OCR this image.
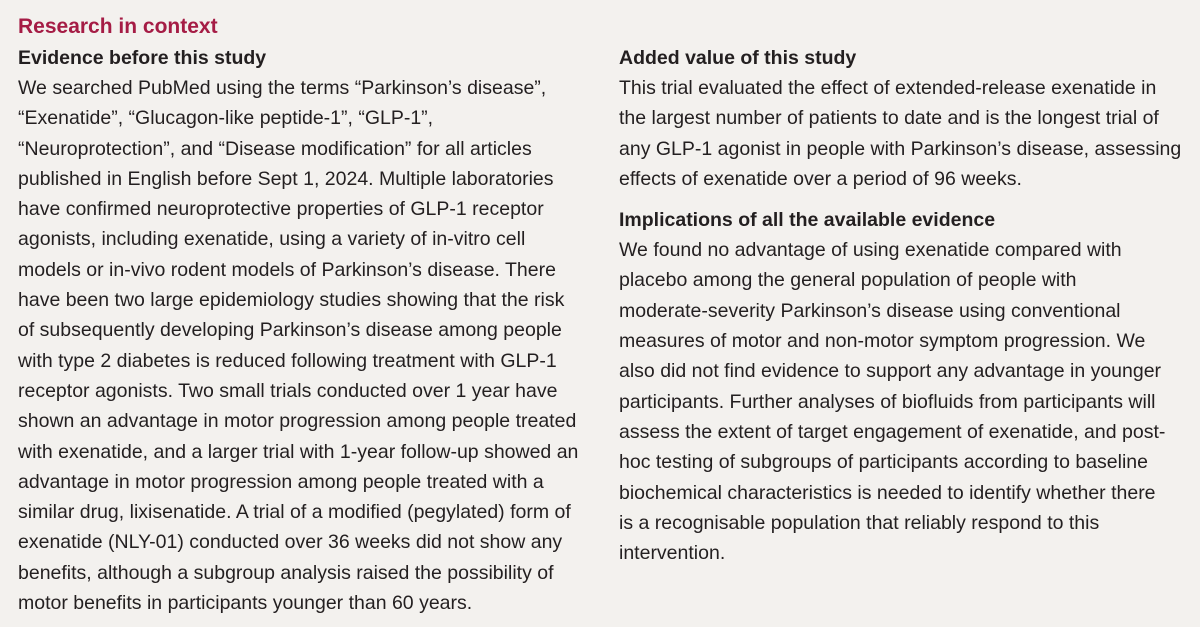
Research in context
Evidence before this study

We searched PubMed using the terms “Parkinson’s disease”,
“Exenatide”, “Glucagon-like peptide-1”, “GLP-1”,
“Neuroprotection”, and “Disease modification” for all articles
published in English before Sept 1, 2024. Multiple laboratories
have confirmed neuroprotective properties of GLP-1 receptor
agonists, including exenatide, using a variety of in-vitro cell
models or in-vivo rodent models of Parkinson’s disease. There
have been two large epidemiology studies showing that the risk
of subsequently developing Parkinson’s disease among people
with type 2 diabetes is reduced following treatment with GLP-1
receptor agonists. Two small trials conducted over 1 year have
shown an advantage in motor progression among people treated
with exenatide, and a larger trial with 1-year follow-up showed an
advantage in motor progression among people treated with a
similar drug, lixisenatide. A trial of a modified (pegylated) form of
exenatide (NLY-01) conducted over 36 weeks did not show any
benefits, although a subgroup analysis raised the possibility of
motor benefits in participants younger than 60 years.

Added value of this study

This trial evaluated the effect of extended-release exenatide in
the largest number of patients to date and is the longest trial of
any GLP-1 agonist in people with Parkinson’s disease, assessing
effects of exenatide over a period of 96 weeks.

Implications of all the available evidence

We found no advantage of using exenatide compared with
placebo among the general population of people with
moderate-severity Parkinson’s disease using conventional
measures of motor and non-motor symptom progression. We
also did not find evidence to support any advantage in younger
participants. Further analyses of biofluids from participants will
assess the extent of target engagement of exenatide, and post-
hoc testing of subgroups of participants according to baseline
biochemical characteristics is needed to identify whether there
is a recognisable population that reliably respond to this
intervention.
